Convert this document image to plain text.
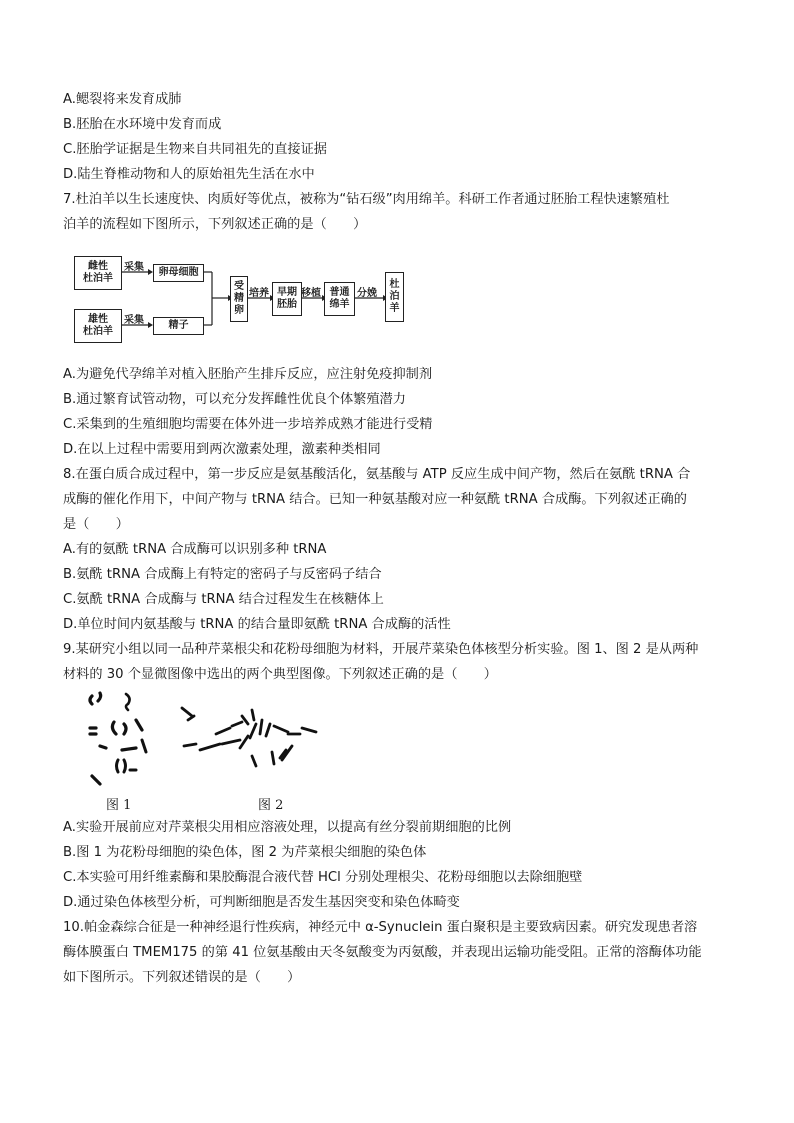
A.鳃裂将来发育成肺
B.胚胎在水环境中发育而成
C.胚胎学证据是生物来自共同祖先的直接证据
D.陆生脊椎动物和人的原始祖先生活在水中
7.杜泊羊以生长速度快、肉质好等优点，被称为“钻石级”肉用绵羊。科研工作者通过胚胎工程快速繁殖杜
泊羊的流程如下图所示，下列叙述正确的是（　　）
雌性
杜泊羊
雄性
杜泊羊
采集
采集
卵母细胞
精子
受
精
卵
培养 早期
胚胎
移植 普通
绵羊
分娩
杜
泊
羊
A.为避免代孕绵羊对植入胚胎产生排斥反应，应注射免疫抑制剂
B.通过繁育试管动物，可以充分发挥雌性优良个体繁殖潜力
C.采集到的生殖细胞均需要在体外进一步培养成熟才能进行受精
D.在以上过程中需要用到两次激素处理，激素种类相同
8.在蛋白质合成过程中，第一步反应是氨基酸活化，氨基酸与 ATP 反应生成中间产物，然后在氨酰 tRNA 合
成酶的催化作用下，中间产物与 tRNA 结合。已知一种氨基酸对应一种氨酰 tRNA 合成酶。下列叙述正确的
是（　　）
A.有的氨酰 tRNA 合成酶可以识别多种 tRNA
B.氨酰 tRNA 合成酶上有特定的密码子与反密码子结合
C.氨酰 tRNA 合成酶与 tRNA 结合过程发生在核糖体上
D.单位时间内氨基酸与 tRNA 的结合量即氨酰 tRNA 合成酶的活性
9.某研究小组以同一品种芹菜根尖和花粉母细胞为材料，开展芹菜染色体核型分析实验。图 1、图 2 是从两种
材料的 30 个显微图像中选出的两个典型图像。下列叙述正确的是（　　）
图 1	图 2
A.实验开展前应对芹菜根尖用相应溶液处理，以提高有丝分裂前期细胞的比例
B.图 1 为花粉母细胞的染色体，图 2 为芹菜根尖细胞的染色体
C.本实验可用纤维素酶和果胶酶混合液代替 HCl 分别处理根尖、花粉母细胞以去除细胞壁
D.通过染色体核型分析，可判断细胞是否发生基因突变和染色体畸变
10.帕金森综合征是一种神经退行性疾病，神经元中 α-Synuclein 蛋白聚积是主要致病因素。研究发现患者溶
酶体膜蛋白 TMEM175 的第 41 位氨基酸由天冬氨酸变为丙氨酸，并表现出运输功能受阻。正常的溶酶体功能
如下图所示。下列叙述错误的是（　　）
